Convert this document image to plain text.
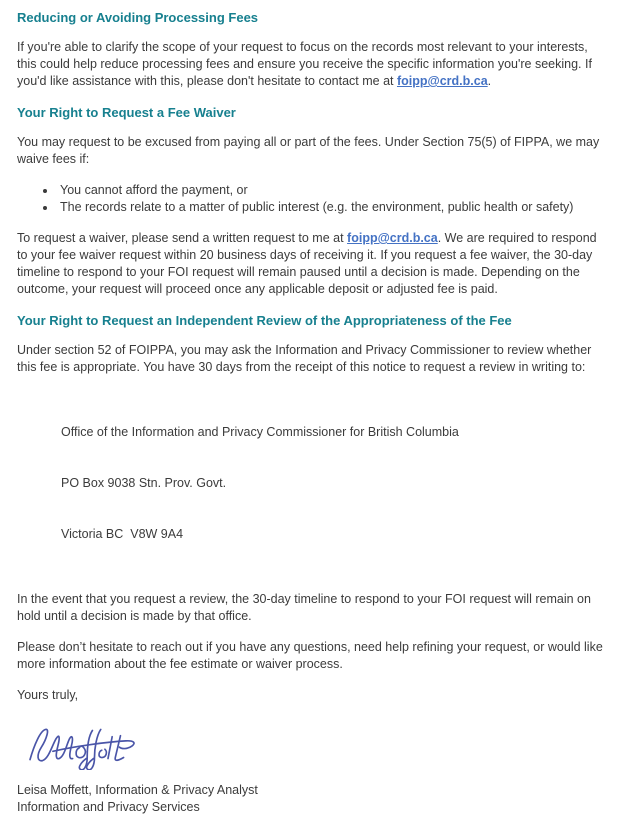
Reducing or Avoiding Processing Fees

If you're able to clarify the scope of your request to focus on the records most relevant to your interests, this could help reduce processing fees and ensure you receive the specific information you're seeking. If you'd like assistance with this, please don't hesitate to contact me at foipp@crd.b.ca.

Your Right to Request a Fee Waiver

You may request to be excused from paying all or part of the fees. Under Section 75(5) of FIPPA, we may waive fees if:

• You cannot afford the payment, or
• The records relate to a matter of public interest (e.g. the environment, public health or safety)

To request a waiver, please send a written request to me at foipp@crd.b.ca. We are required to respond to your fee waiver request within 20 business days of receiving it. If you request a fee waiver, the 30-day timeline to respond to your FOI request will remain paused until a decision is made. Depending on the outcome, your request will proceed once any applicable deposit or adjusted fee is paid.

Your Right to Request an Independent Review of the Appropriateness of the Fee

Under section 52 of FOIPPA, you may ask the Information and Privacy Commissioner to review whether this fee is appropriate. You have 30 days from the receipt of this notice to request a review in writing to:

Office of the Information and Privacy Commissioner for British Columbia

PO Box 9038 Stn. Prov. Govt.

Victoria BC  V8W 9A4

In the event that you request a review, the 30-day timeline to respond to your FOI request will remain on hold until a decision is made by that office.

Please don’t hesitate to reach out if you have any questions, need help refining your request, or would like more information about the fee estimate or waiver process.

Yours truly,

Leisa Moffett, Information & Privacy Analyst
Information and Privacy Services
